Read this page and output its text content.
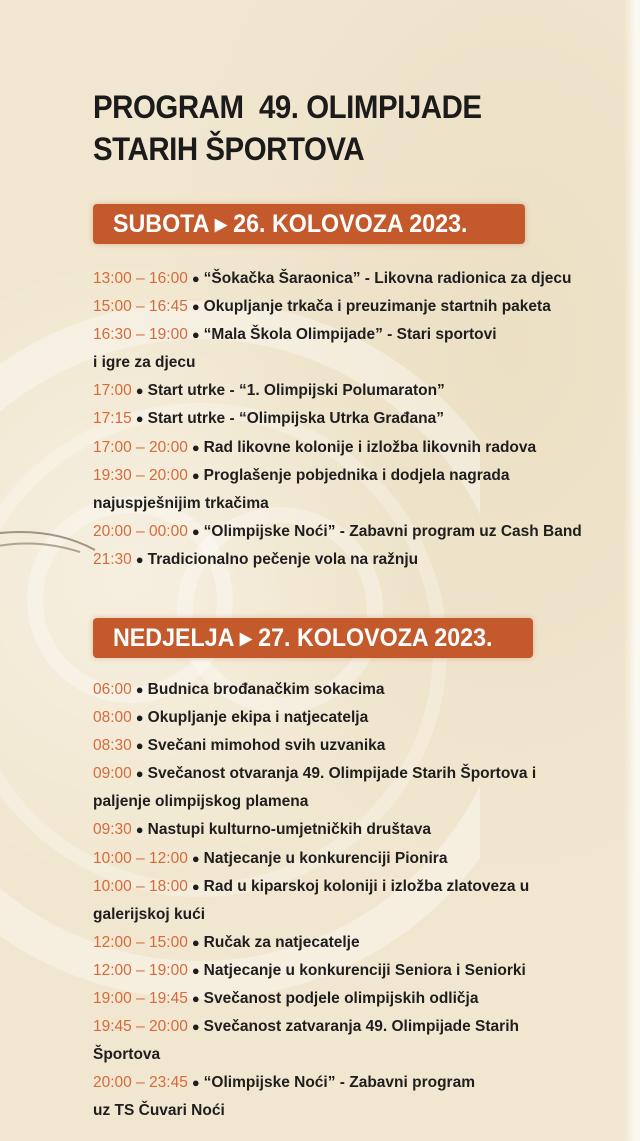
PROGRAM  49. OLIMPIJADE
STARIH ŠPORTOVA
SUBOTA ▸ 26. KOLOVOZA 2023.
13:00 – 16:00 ● “Šokačka Šaraonica” - Likovna radionica za djecu
15:00 – 16:45 ● Okupljanje trkača i preuzimanje startnih paketa
16:30 – 19:00 ● “Mala Škola Olimpijade” - Stari sportovi
i igre za djecu
17:00 ● Start utrke - “1. Olimpijski Polumaraton”
17:15 ● Start utrke - “Olimpijska Utrka Građana”
17:00 – 20:00 ● Rad likovne kolonije i izložba likovnih radova
19:30 – 20:00 ● Proglašenje pobjednika i dodjela nagrada
najuspješnijim trkačima
20:00 – 00:00 ● “Olimpijske Noći” - Zabavni program uz Cash Band
21:30 ● Tradicionalno pečenje vola na ražnju
NEDJELJA ▸ 27. KOLOVOZA 2023.
06:00 ● Budnica brođanačkim sokacima
08:00 ● Okupljanje ekipa i natjecatelja
08:30 ● Svečani mimohod svih uzvanika
09:00 ● Svečanost otvaranja 49. Olimpijade Starih Športova i
paljenje olimpijskog plamena
09:30 ● Nastupi kulturno-umjetničkih društava
10:00 – 12:00 ● Natjecanje u konkurenciji Pionira
10:00 – 18:00 ● Rad u kiparskoj koloniji i izložba zlatoveza u
galerijskoj kući
12:00 – 15:00 ● Ručak za natjecatelje
12:00 – 19:00 ● Natjecanje u konkurenciji Seniora i Seniorki
19:00 – 19:45 ● Svečanost podjele olimpijskih odličja
19:45 – 20:00 ● Svečanost zatvaranja 49. Olimpijade Starih
Športova
20:00 – 23:45 ● “Olimpijske Noći” - Zabavni program
uz TS Čuvari Noći
